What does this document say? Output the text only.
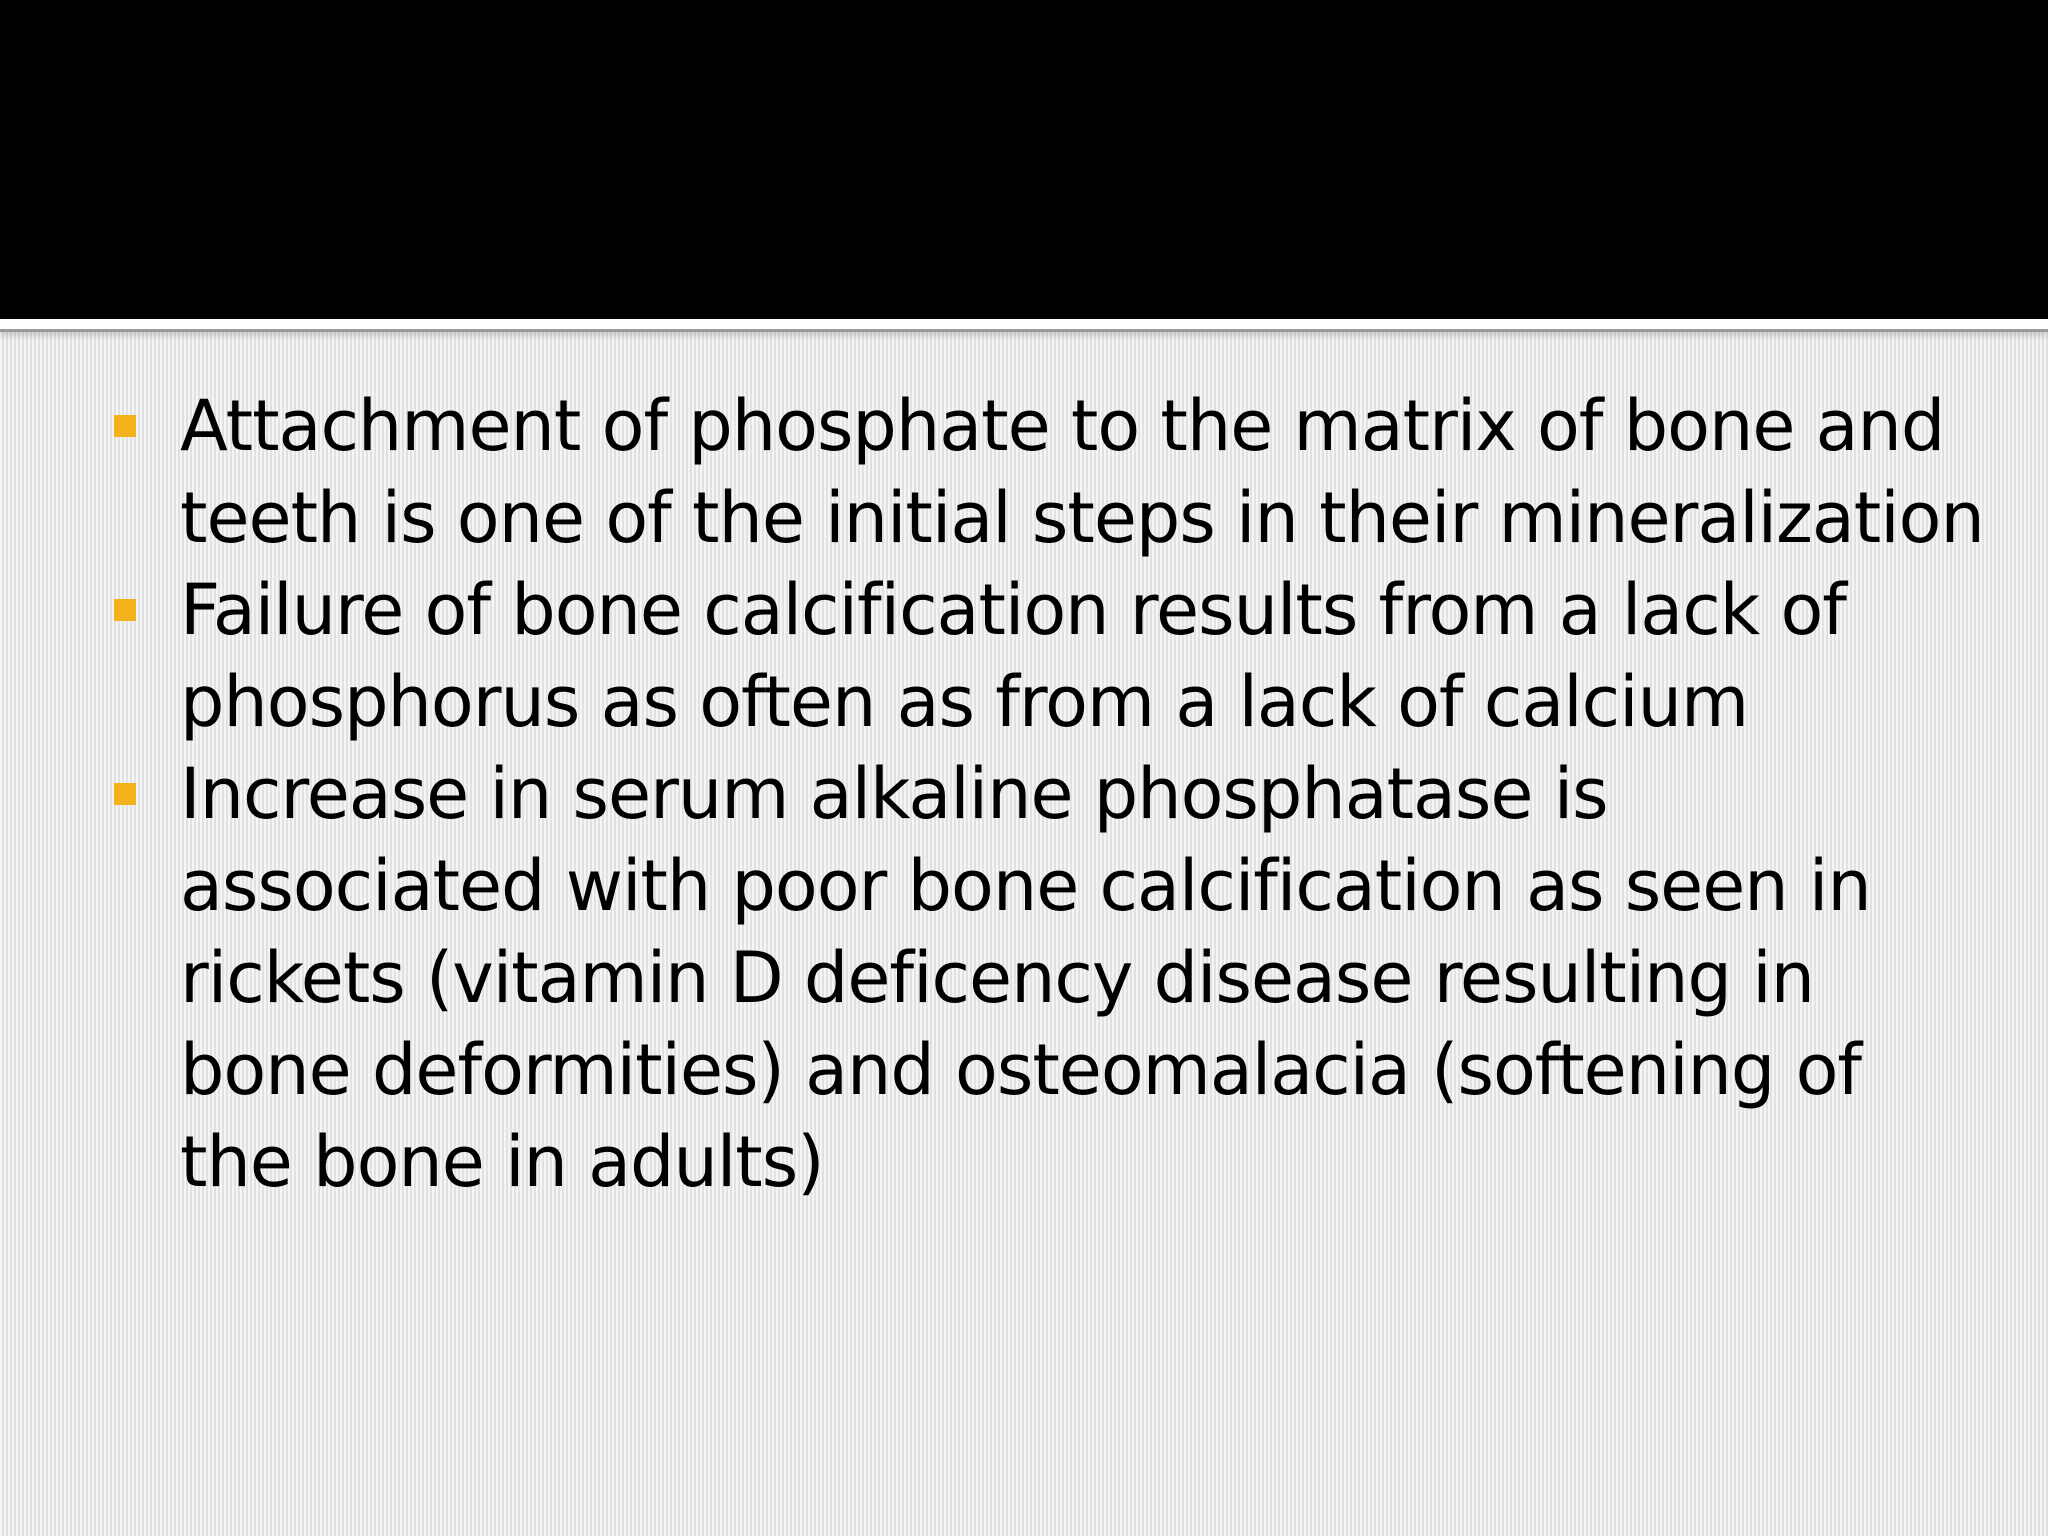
Attachment of phosphate to the matrix of bone and teeth is one of the initial steps in their mineralization
Failure of bone calcification results from a lack of phosphorus as often as from a lack of calcium
Increase in serum alkaline phosphatase is associated with poor bone calcification as seen in rickets (vitamin D deficency disease resulting in bone deformities) and osteomalacia (softening of the bone in adults)
